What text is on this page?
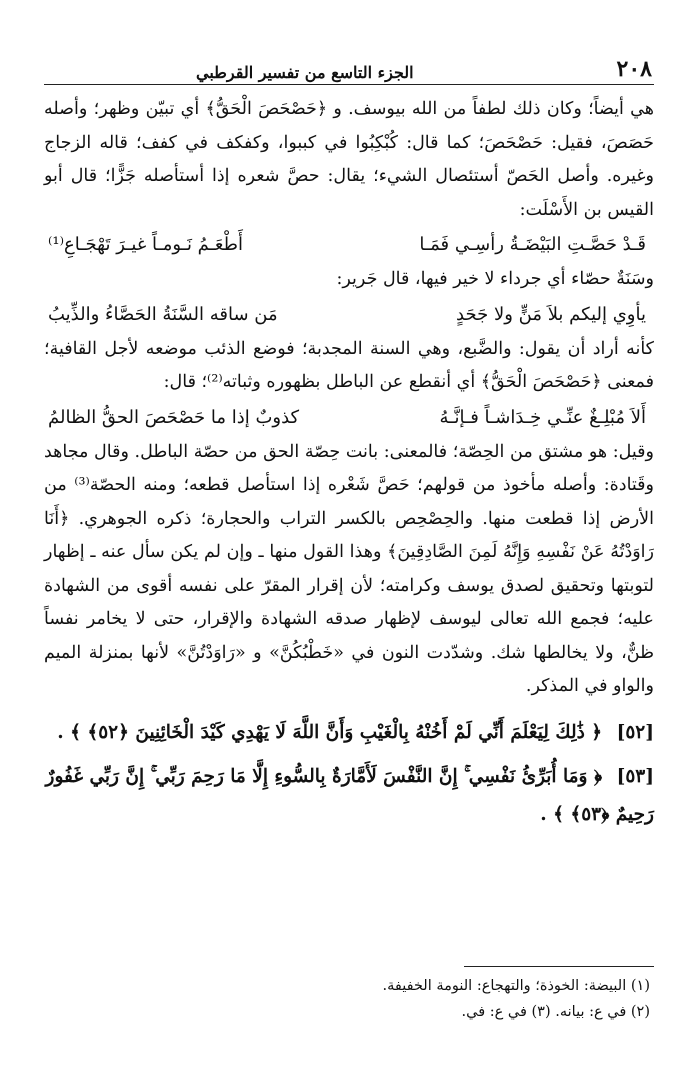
٢٠٨
الجزء التاسع من تفسير القرطبي

هي أيضاً؛ وكان ذلك لطفاً من الله بيوسف. و ﴿حَصْحَصَ الْحَقُّ﴾ أي تبيّن وظهر؛ وأصله حَصَصَ، فقيل: حَصْحَصَ؛ كما قال: كُبْكِبُوا في كببوا، وكفكف في كفف؛ قاله الزجاج وغيره. وأصل الحَصّ أستئصال الشيء؛ يقال: حصَّ شعره إذا أستأصله جَزًّا؛ قال أبو القيس بن الأَسْلَت:

قَـدْ حَصَّـتِ البَيْضَـةُ رأسِـي فَمَـا
أَطْعَـمُ نَـومـاً غيـرَ تَهْجَـاعِ⁽¹⁾

وسَنَةٌ حصّاء أي جرداء لا خير فيها، قال جَرير:

يأوِي إليكم بلاَ مَنٍّ ولا جَحَدٍ
مَن ساقه السَّنَةُ الحَصَّاءُ والذِّيبُ

كأنه أراد أن يقول: والضَّبع، وهي السنة المجدبة؛ فوضع الذئب موضعه لأجل القافية؛ فمعنى ﴿حَصْحَصَ الْحَقُّ﴾ أي أنقطع عن الباطل بظهوره وثباته⁽²⁾؛ قال:

أَلاَ مُبْلِـغٌ عنِّـي خِـدَاشـاً فـإنَّـهُ
كذوبٌ إذا ما حَصْحَصَ الحقُّ الظالمُ

وقيل: هو مشتق من الحِصّة؛ فالمعنى: بانت حِصّة الحق من حصّة الباطل. وقال مجاهد وقَتادة: وأصله مأخوذ من قولهم؛ حَصَّ شَعْره إذا استأصل قطعه؛ ومنه الحصّة⁽³⁾ من الأرض إذا قطعت منها. والحِصْحِص بالكسر التراب والحجارة؛ ذكره الجوهري. ﴿أَنَا رَاوَدْتُهُ عَنْ نَفْسِهِ وَإِنَّهُ لَمِنَ الصَّادِقِينَ﴾ وهذا القول منها ـ وإن لم يكن سأل عنه ـ إظهار لتوبتها وتحقيق لصدق يوسف وكرامته؛ لأن إقرار المقرّ على نفسه أقوى من الشهادة عليه؛ فجمع الله تعالى ليوسف لإظهار صدقه الشهادة والإقرار، حتى لا يخامر نفساً ظنٌّ، ولا يخالطها شك. وشدّدت النون في «خَطْبُكُنَّ» و «رَاوَدْتُنَّ» لأنها بمنزلة الميم والواو في المذكر.

[٥٢] ﴿ ذَٰلِكَ لِيَعْلَمَ أَنِّي لَمْ أَخُنْهُ بِالْغَيْبِ وَأَنَّ اللَّهَ لَا يَهْدِي كَيْدَ الْخَائِنِينَ ﴿٥٢﴾ ﴾ .

[٥٣] ﴿ وَمَا أُبَرِّئُ نَفْسِي ۚ إِنَّ النَّفْسَ لَأَمَّارَةٌ بِالسُّوءِ إِلَّا مَا رَحِمَ رَبِّي ۚ إِنَّ رَبِّي غَفُورٌ رَحِيمٌ ﴿٥٣﴾ ﴾ .

(١) البيضة: الخوذة؛ والتهجاع: النومة الخفيفة.

(٢) في ع: بيانه. (٣) في ع: في.
